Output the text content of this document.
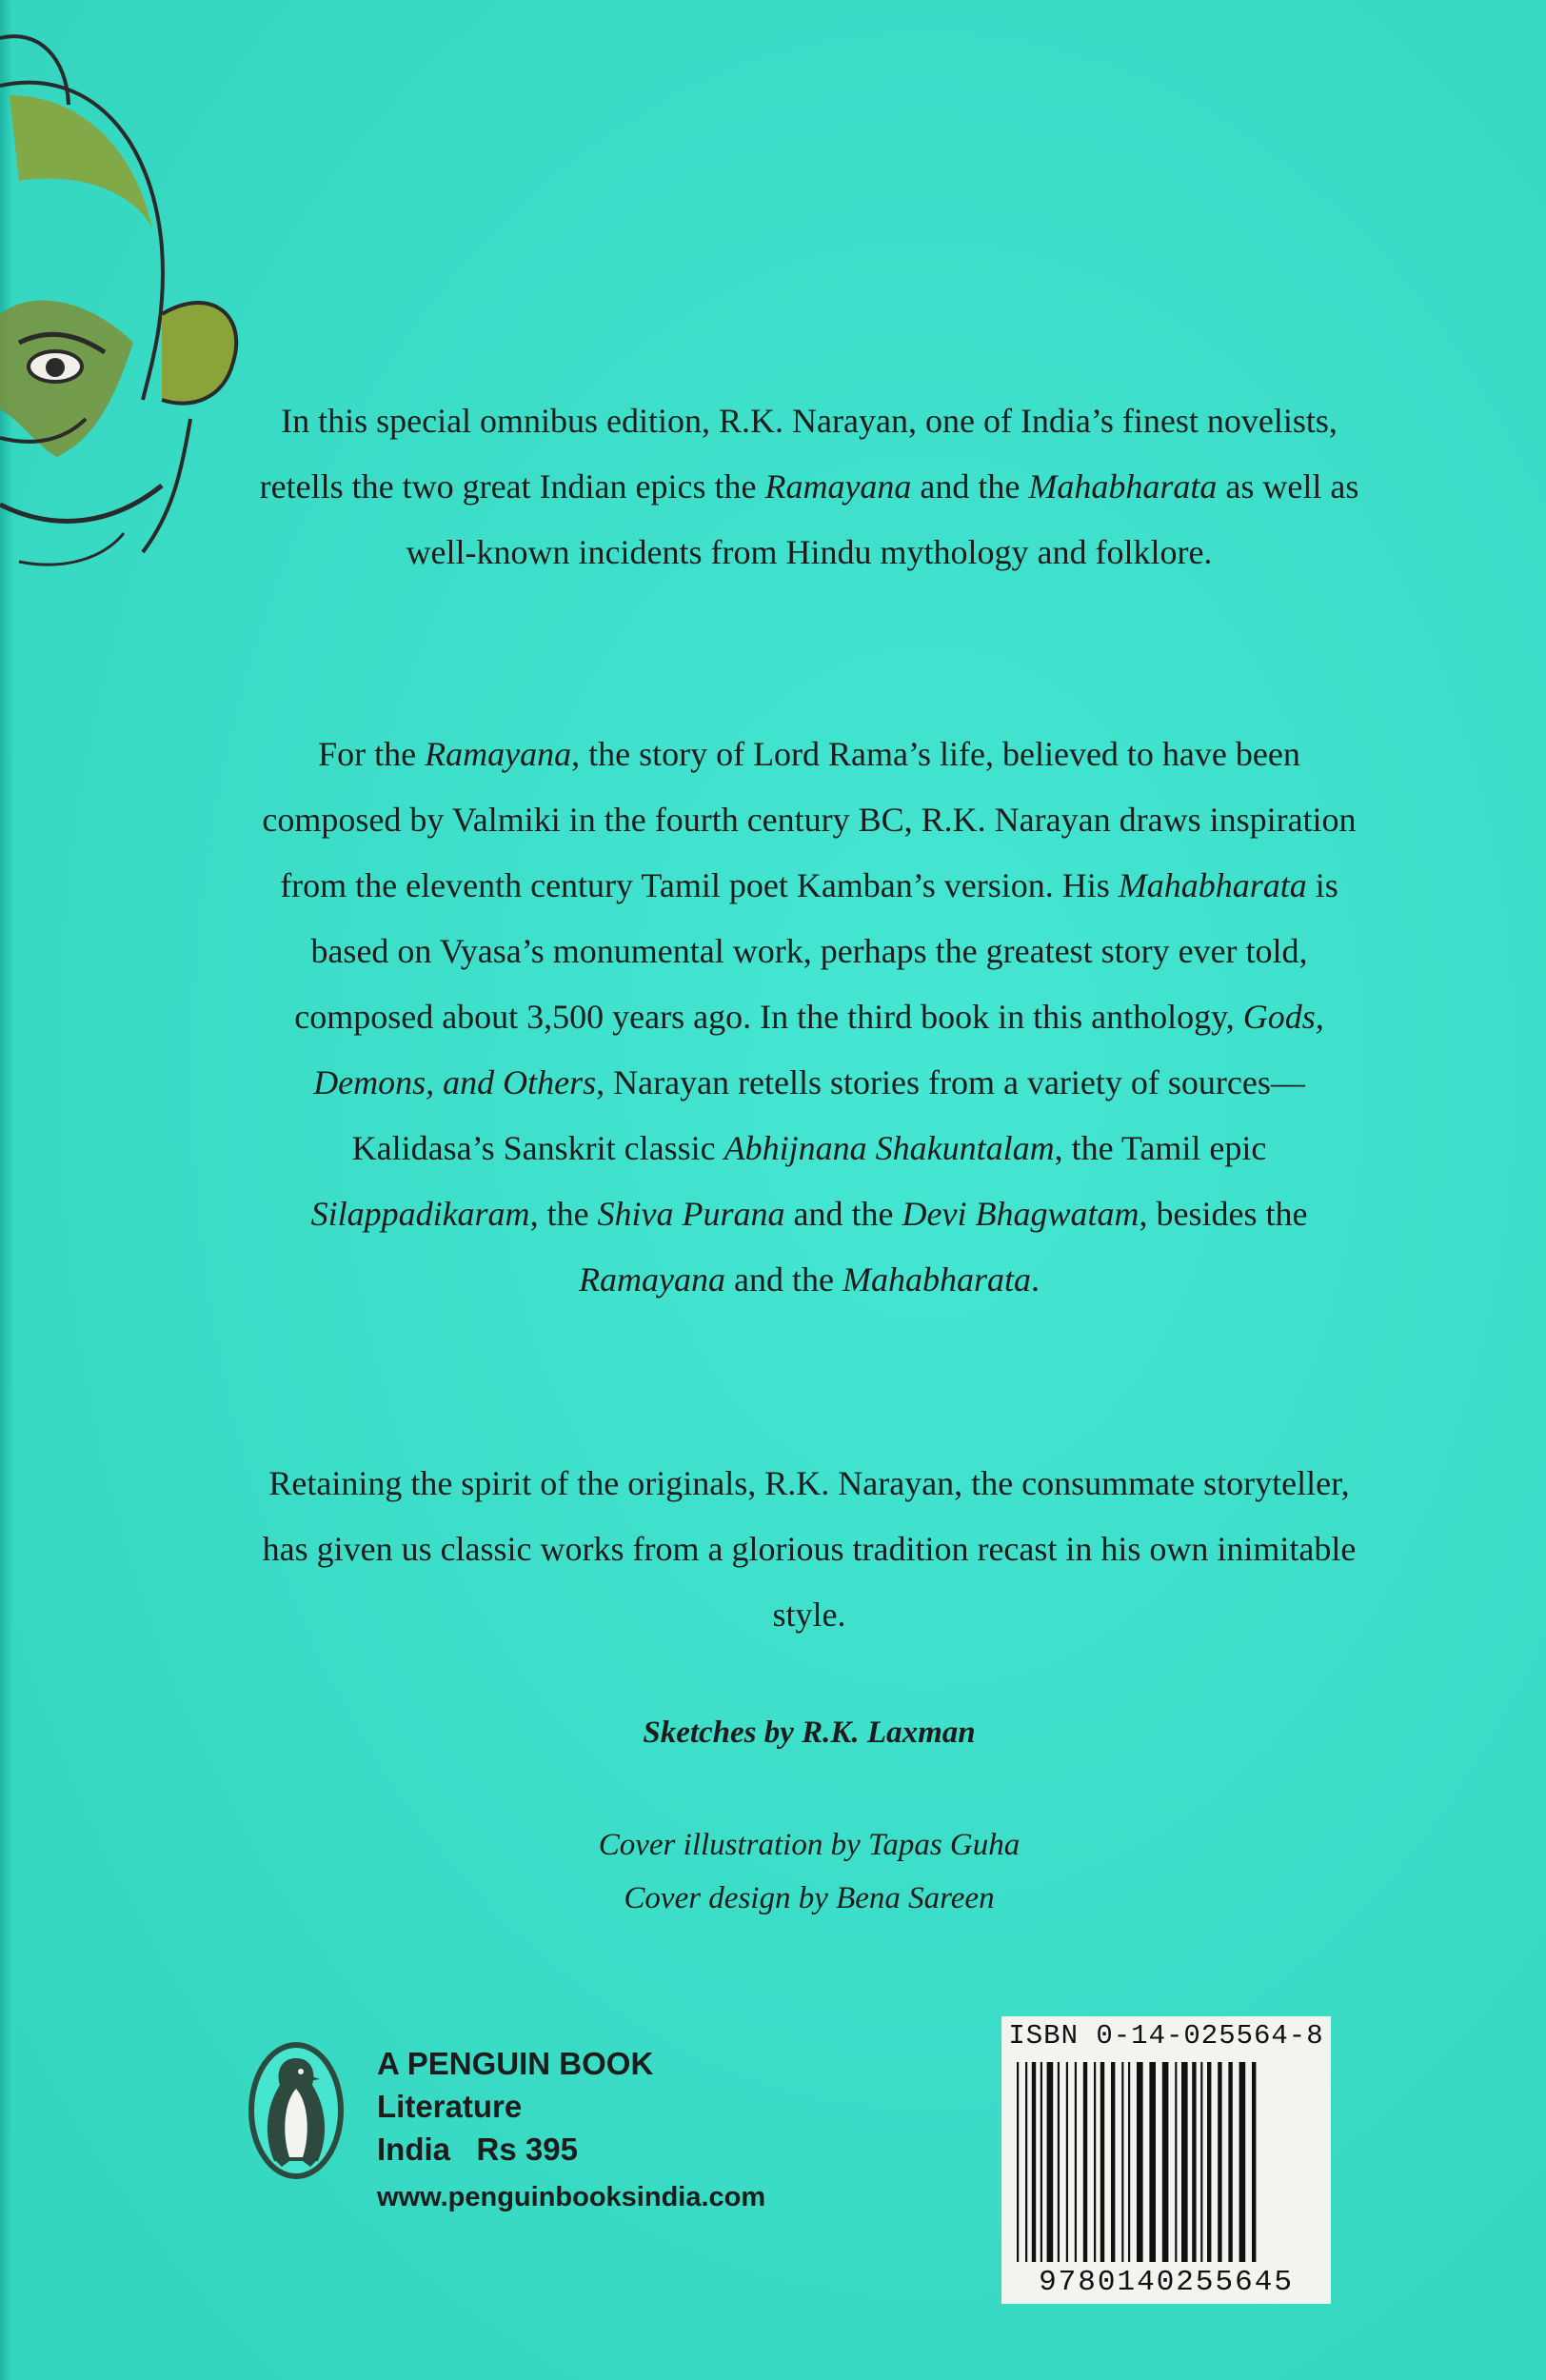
In this special omnibus edition, R.K. Narayan, one of India’s finest novelists, retells the two great Indian epics the Ramayana and the Mahabharata as well as well-known incidents from Hindu mythology and folklore.
For the Ramayana, the story of Lord Rama’s life, believed to have been composed by Valmiki in the fourth century BC, R.K. Narayan draws inspiration from the eleventh century Tamil poet Kamban’s version. His Mahabharata is based on Vyasa’s monumental work, perhaps the greatest story ever told, composed about 3,500 years ago. In the third book in this anthology, Gods, Demons, and Others, Narayan retells stories from a variety of sources—Kalidasa’s Sanskrit classic Abhijnana Shakuntalam, the Tamil epic Silappadikaram, the Shiva Purana and the Devi Bhagwatam, besides the Ramayana and the Mahabharata.
Retaining the spirit of the originals, R.K. Narayan, the consummate storyteller, has given us classic works from a glorious tradition recast in his own inimitable style.
Sketches by R.K. Laxman
Cover illustration by Tapas Guha
Cover design by Bena Sareen
A PENGUIN BOOK
Literature
India   Rs 395
www.penguinbooksindia.com
ISBN 0-14-025564-8
9780140255645
